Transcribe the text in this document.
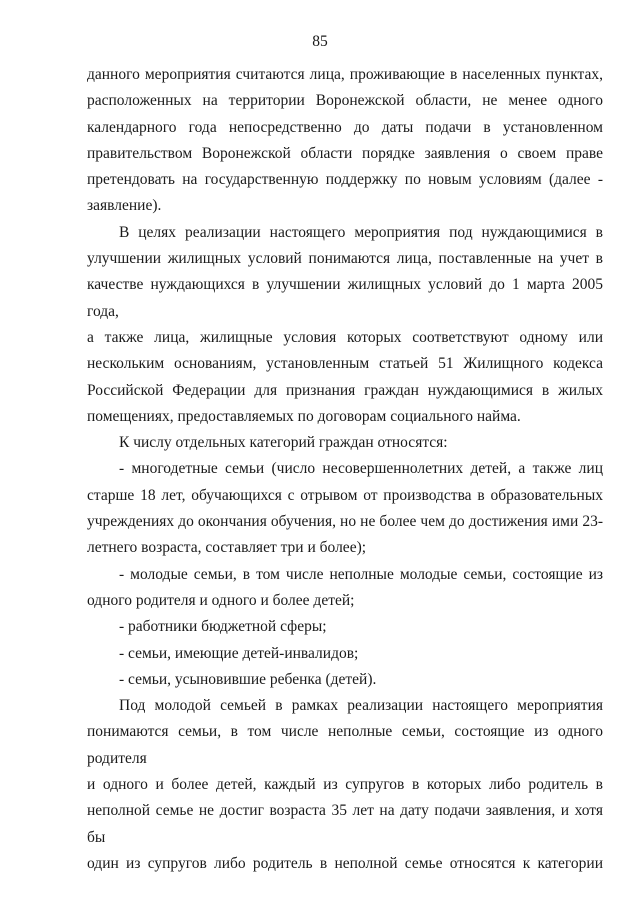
85

данного мероприятия считаются лица, проживающие в населенных пунктах,

расположенных на территории Воронежской области, не менее одного

календарного года непосредственно до даты подачи в установленном

правительством Воронежской области порядке заявления о своем праве

претендовать на государственную поддержку по новым условиям (далее -

заявление).

В целях реализации настоящего мероприятия под нуждающимися в

улучшении жилищных условий понимаются лица, поставленные на учет в

качестве нуждающихся в улучшении жилищных условий до 1 марта 2005 года,

а также лица, жилищные условия которых соответствуют одному или

нескольким основаниям, установленным статьей 51 Жилищного кодекса

Российской Федерации для признания граждан нуждающимися в жилых

помещениях, предоставляемых по договорам социального найма.

К числу отдельных категорий граждан относятся:

- многодетные семьи (число несовершеннолетних детей, а также лиц

старше 18 лет, обучающихся с отрывом от производства в образовательных

учреждениях до окончания обучения, но не более чем до достижения ими 23-

летнего возраста, составляет три и более);

- молодые семьи, в том числе неполные молодые семьи, состоящие из

одного родителя и одного и более детей;

- работники бюджетной сферы;

- семьи, имеющие детей-инвалидов;

- семьи, усыновившие ребенка (детей).

Под молодой семьей в рамках реализации настоящего мероприятия

понимаются семьи, в том числе неполные семьи, состоящие из одного родителя

и одного и более детей, каждый из супругов в которых либо родитель в

неполной семье не достиг возраста 35 лет на дату подачи заявления, и хотя бы

один из супругов либо родитель в неполной семье относятся к категории
